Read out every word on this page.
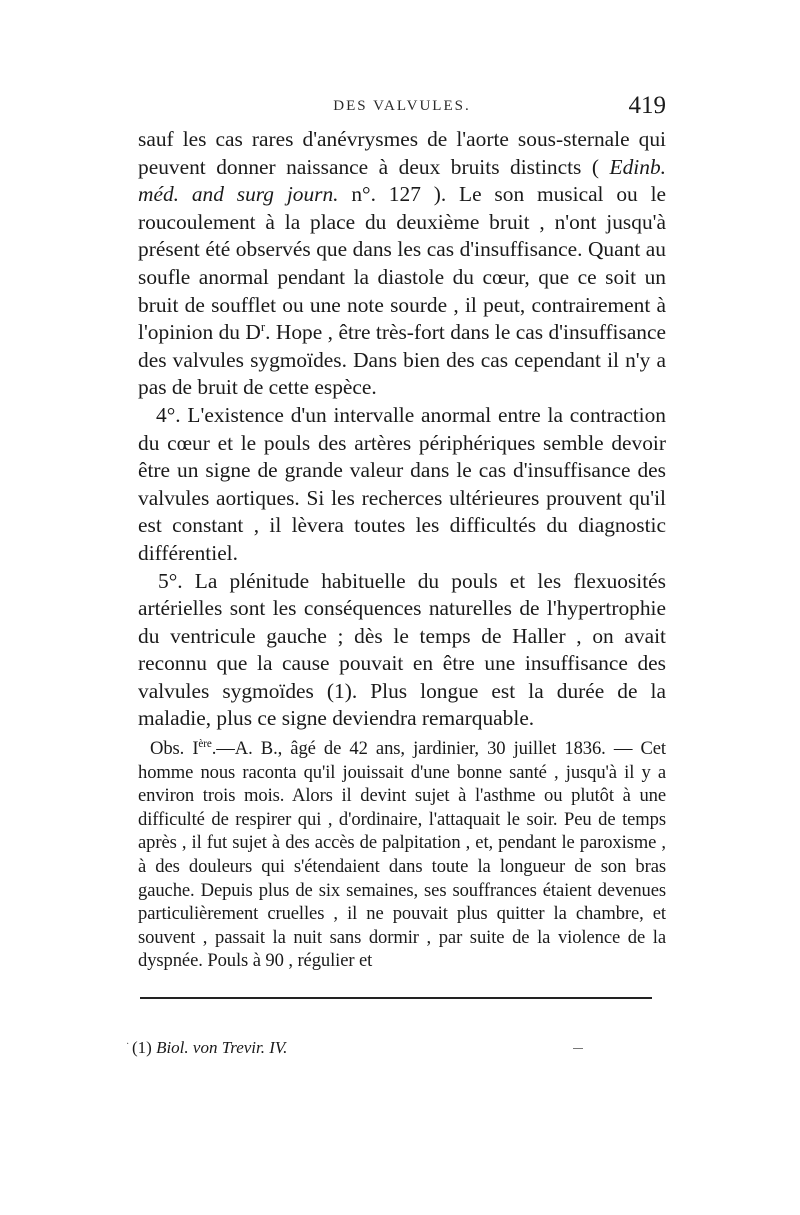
DES VALVULES.	419

sauf les cas rares d'anévrysmes de l'aorte sous-sternale qui peuvent donner naissance à deux bruits distincts ( Edinb. méd. and surg journ. n°. 127 ). Le son musical ou le roucoulement à la place du deuxième bruit , n'ont jusqu'à présent été observés que dans les cas d'insuffisance. Quant au soufle anormal pendant la diastole du cœur, que ce soit un bruit de soufflet ou une note sourde , il peut, contrairement à l'opinion du $D^r$. Hope , être très-fort dans le cas d'insuffisance des valvules sygmoïdes. Dans bien des cas cependant il n'y a pas de bruit de cette espèce.

4°. L'existence d'un intervalle anormal entre la contraction du cœur et le pouls des artères périphériques semble devoir être un signe de grande valeur dans le cas d'insuffisance des valvules aortiques. Si les recherces ultérieures prouvent qu'il est constant , il lèvera toutes les difficultés du diagnostic différentiel.

5°. La plénitude habituelle du pouls et les flexuosités artérielles sont les conséquences naturelles de l'hypertrophie du ventricule gauche ; dès le temps de Haller , on avait reconnu que la cause pouvait en être une insuffisance des valvules sygmoïdes (1). Plus longue est la durée de la maladie, plus ce signe deviendra remarquable.

Obs. Ière.—A. B., âgé de 42 ans, jardinier, 30 juillet 1836. — Cet homme nous raconta qu'il jouissait d'une bonne santé , jusqu'à il y a environ trois mois. Alors il devint sujet à l'asthme ou plutôt à une difficulté de respirer qui , d'ordinaire, l'attaquait le soir. Peu de temps après , il fut sujet à des accès de palpitation , et, pendant le paroxisme , à des douleurs qui s'étendaient dans toute la longueur de son bras gauche. Depuis plus de six semaines, ses souffrances étaient devenues particulièrement cruelles , il ne pouvait plus quitter la chambre, et souvent , passait la nuit sans dormir , par suite de la violence de la dyspnée. Pouls à 90 , régulier et

· (1) Biol. von Trevir. IV.
